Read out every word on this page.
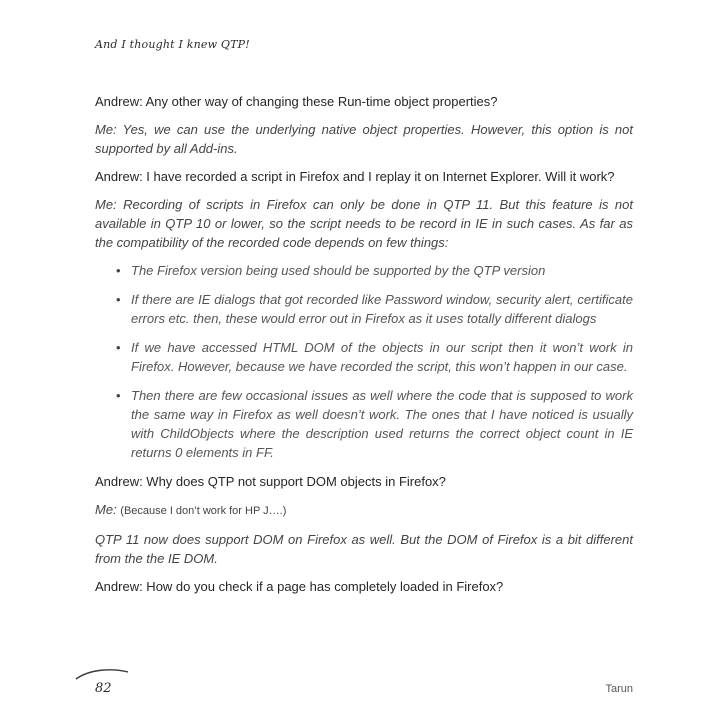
And I thought I knew QTP!

Andrew: Any other way of changing these Run-time object properties?

Me: Yes, we can use the underlying native object properties. However, this option is not supported by all Add-ins.

Andrew: I have recorded a script in Firefox and I replay it on Internet Explorer. Will it work?

Me: Recording of scripts in Firefox can only be done in QTP 11. But this feature is not available in QTP 10 or lower, so the script needs to be record in IE in such cases. As far as the compatibility of the recorded code depends on few things:

• The Firefox version being used should be supported by the QTP version
• If there are IE dialogs that got recorded like Password window, security alert, certificate errors etc. then, these would error out in Firefox as it uses totally different dialogs
• If we have accessed HTML DOM of the objects in our script then it won’t work in Firefox. However, because we have recorded the script, this won’t happen in our case.
• Then there are few occasional issues as well where the code that is supposed to work the same way in Firefox as well doesn’t work. The ones that I have noticed is usually with ChildObjects where the description used returns the correct object count in IE returns 0 elements in FF.

Andrew: Why does QTP not support DOM objects in Firefox?

Me: (Because I don’t work for HP J….)

QTP 11 now does support DOM on Firefox as well. But the DOM of Firefox is a bit different from the the IE DOM.

Andrew: How do you check if a page has completely loaded in Firefox?

82	Tarun
